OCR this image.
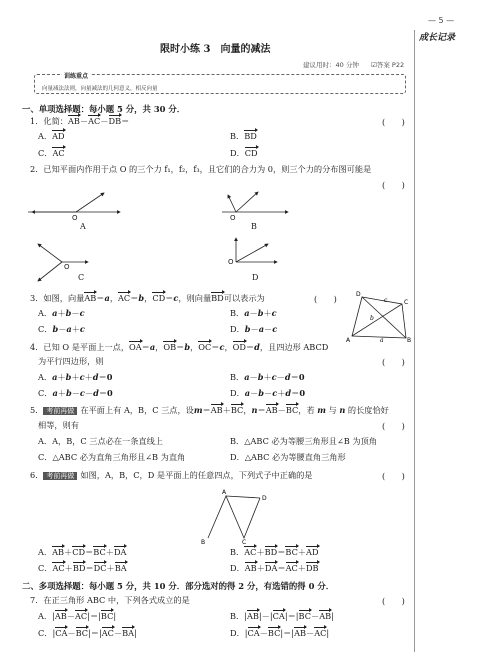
— 5 —
成长记录
限时小练 3　向量的减法
建议用时：40 分钟 ☑答案 P22
训练重点
向量减法法则，向量减法的几何意义，相反向量
一、单项选择题：每小题 5 分，共 30 分．
1．化简：AB－AC－DB＝	(　　)
A．AD	B．BD
C．AC	D．CD
2．已知平面内作用于点 O 的三个力 f₁，f₂，f₃，且它们的合力为 0，则三个力的分布图可能是
(　　)
O	O
O
O
A	B
C	D
3．如图，向量AB＝a，AC＝b，CD＝c，则向量BD可以表示为	(　　)
A．a＋b－c	B．a－b＋c
C．b－a＋c	D．b－a－c
A
D
C
B
a
b
c
4．已知 O 是平面上一点，OA＝a，OB＝b，OC＝c，OD＝d，且四边形 ABCD
为平行四边形，则	(　　)
A．a＋b＋c＋d＝0	B．a－b＋c－d＝0
C．a＋b－c－d＝0	D．a－b－c＋d＝0
5． 考前再做 在平面上有 A，B，C 三点，设m＝AB＋BC，n＝AB－BC，若 m 与 n 的长度恰好
相等，则有	(　　)
A．A，B，C 三点必在一条直线上	B．△ABC 必为等腰三角形且∠B 为顶角
C．△ABC 必为直角三角形且∠B 为直角	D．△ABC 必为等腰直角三角形
6． 考前再做 如图，A，B，C，D 是平面上的任意四点，下列式子中正确的是	(　　)
B
A
C
D
A．AB＋CD＝BC＋DA	B．AC＋BD＝BC＋AD
C．AC＋BD＝DC＋BA	D．AB＋DA＝AC＋DB
二、多项选择题：每小题 5 分，共 10 分．部分选对的得 2 分，有选错的得 0 分．
7．在正三角形 ABC 中，下列各式成立的是	(　　)
A．|AB－AC|＝|BC|	B．|AB|－|CA|＝|BC－AB|
C．|CA－BC|＝|AC－BA|	D．|CA－BC|＝|AB－AC|
